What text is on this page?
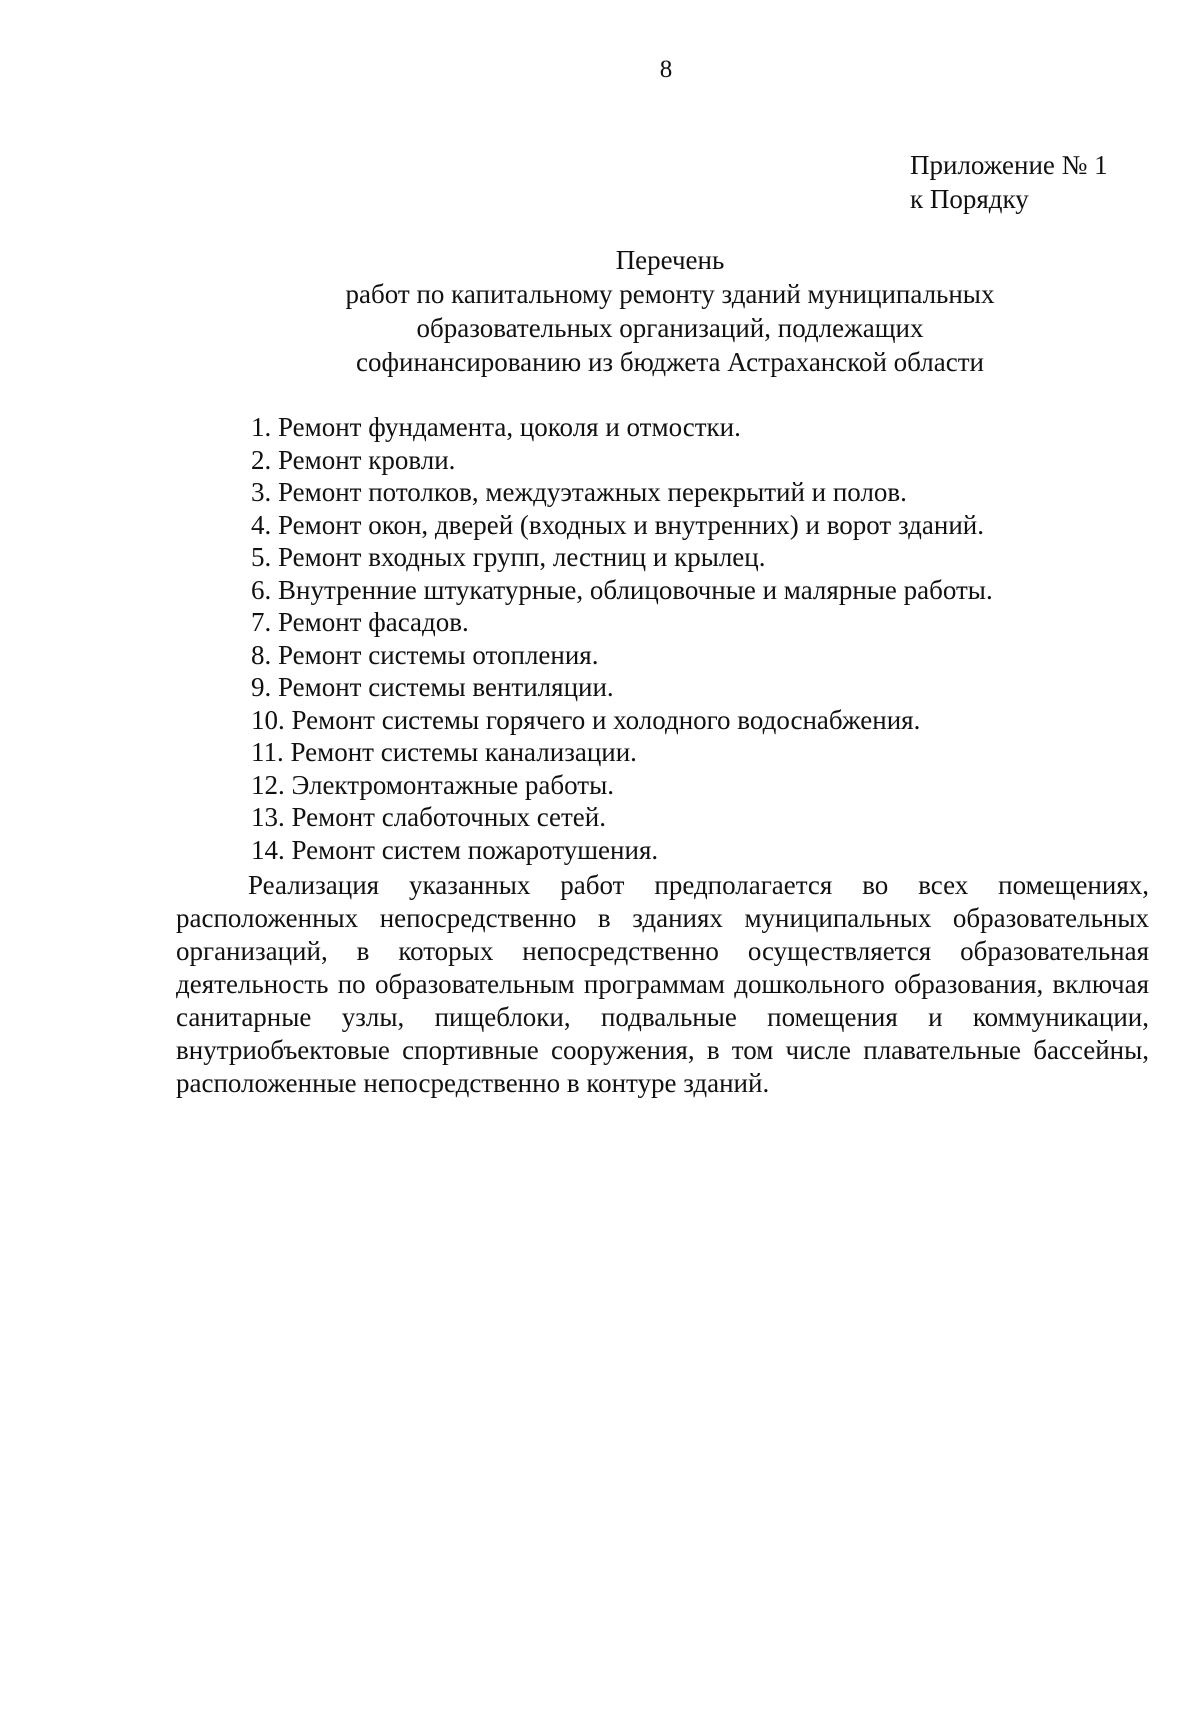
8
Приложение № 1
к Порядку
Перечень
работ по капитальному ремонту зданий муниципальных
образовательных организаций, подлежащих
софинансированию из бюджета Астраханской области
1. Ремонт фундамента, цоколя и отмостки.
2. Ремонт кровли.
3. Ремонт потолков, междуэтажных перекрытий и полов.
4. Ремонт окон, дверей (входных и внутренних) и ворот зданий.
5. Ремонт входных групп, лестниц и крылец.
6. Внутренние штукатурные, облицовочные и малярные работы.
7. Ремонт фасадов.
8. Ремонт системы отопления.
9. Ремонт системы вентиляции.
10. Ремонт системы горячего и холодного водоснабжения.
11. Ремонт системы канализации.
12. Электромонтажные работы.
13. Ремонт слаботочных сетей.
14. Ремонт систем пожаротушения.
Реализация указанных работ предполагается во всех помещениях, расположенных непосредственно в зданиях муниципальных образовательных организаций, в которых непосредственно осуществляется образовательная деятельность по образовательным программам дошкольного образования, включая санитарные узлы, пищеблоки, подвальные помещения и коммуникации, внутриобъектовые спортивные сооружения, в том числе плавательные бассейны, расположенные непосредственно в контуре зданий.
